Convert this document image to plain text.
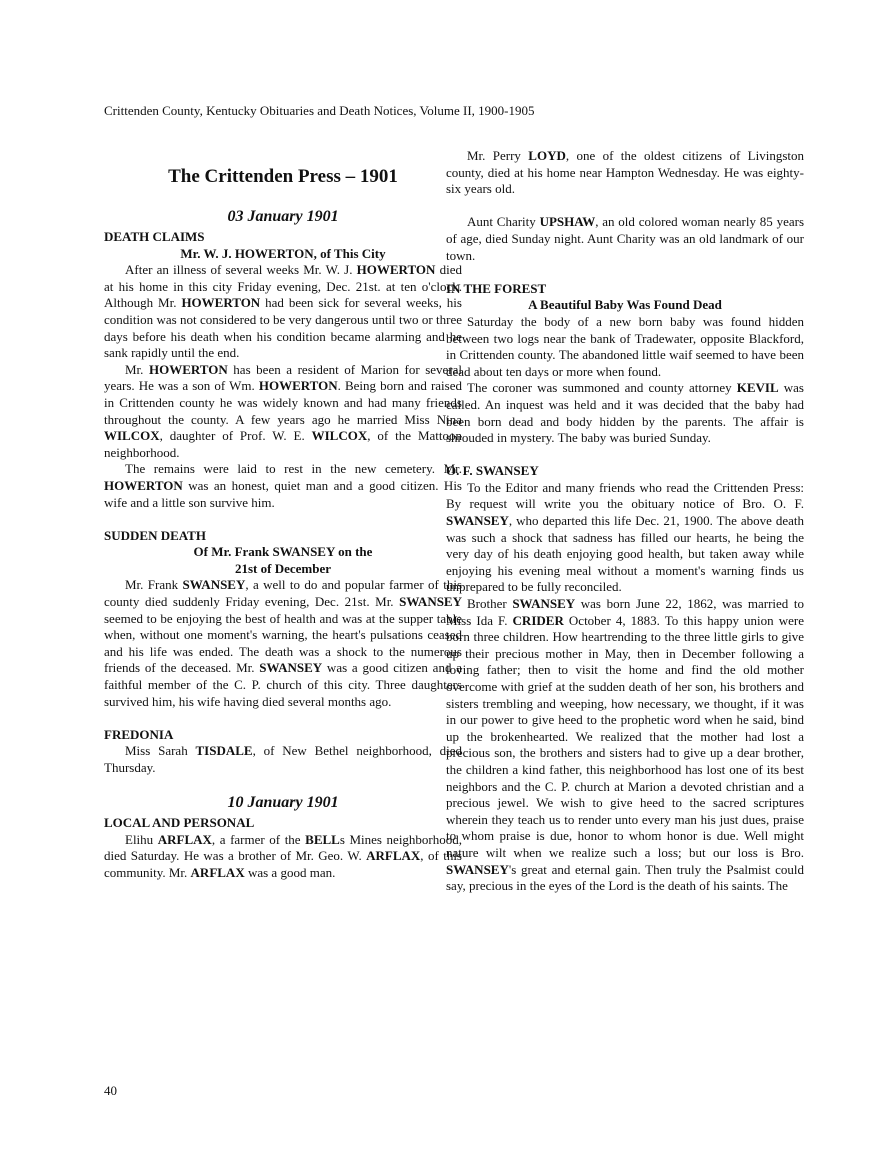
Crittenden County, Kentucky Obituaries and Death Notices, Volume II, 1900-1905
The Crittenden Press – 1901
03 January 1901
DEATH CLAIMS
Mr. W. J. HOWERTON, of This City

After an illness of several weeks Mr. W. J. HOWERTON died at his home in this city Friday evening, Dec. 21st. at ten o'clock. Although Mr. HOWERTON had been sick for several weeks, his condition was not considered to be very dangerous until two or three days before his death when his condition became alarming and he sank rapidly until the end.

Mr. HOWERTON has been a resident of Marion for several years. He was a son of Wm. HOWERTON. Being born and raised in Crittenden county he was widely known and had many friends throughout the county. A few years ago he married Miss Nina WILCOX, daughter of Prof. W. E. WILCOX, of the Mattoon neighborhood.

The remains were laid to rest in the new cemetery. Mr. HOWERTON was an honest, quiet man and a good citizen. His wife and a little son survive him.

SUDDEN DEATH
Of Mr. Frank SWANSEY on the
21st of December

Mr. Frank SWANSEY, a well to do and popular farmer of this county died suddenly Friday evening, Dec. 21st. Mr. SWANSEY seemed to be enjoying the best of health and was at the supper table when, without one moment's warning, the heart's pulsations ceased and his life was ended. The death was a shock to the numerous friends of the deceased. Mr. SWANSEY was a good citizen and a faithful member of the C. P. church of this city. Three daughters survived him, his wife having died several months ago.

FREDONIA

Miss Sarah TISDALE, of New Bethel neighborhood, died Thursday.

10 January 1901
LOCAL AND PERSONAL

Elihu ARFLAX, a farmer of the BELLs Mines neighborhood, died Saturday. He was a brother of Mr. Geo. W. ARFLAX, of this community. Mr. ARFLAX was a good man.

Mr. Perry LOYD, one of the oldest citizens of Livingston county, died at his home near Hampton Wednesday. He was eighty-six years old.

Aunt Charity UPSHAW, an old colored woman nearly 85 years of age, died Sunday night. Aunt Charity was an old landmark of our town.

IN THE FOREST
A Beautiful Baby Was Found Dead

Saturday the body of a new born baby was found hidden between two logs near the bank of Tradewater, opposite Blackford, in Crittenden county. The abandoned little waif seemed to have been dead about ten days or more when found.

The coroner was summoned and county attorney KEVIL was called. An inquest was held and it was decided that the baby had been born dead and body hidden by the parents. The affair is shrouded in mystery. The baby was buried Sunday.

O. F. SWANSEY

To the Editor and many friends who read the Crittenden Press: By request will write you the obituary notice of Bro. O. F. SWANSEY, who departed this life Dec. 21, 1900. The above death was such a shock that sadness has filled our hearts, he being the very day of his death enjoying good health, but taken away while enjoying his evening meal without a moment's warning finds us unprepared to be fully reconciled.

Brother SWANSEY was born June 22, 1862, was married to Miss Ida F. CRIDER October 4, 1883. To this happy union were born three children. How heartrending to the three little girls to give up their precious mother in May, then in December following a loving father; then to visit the home and find the old mother overcome with grief at the sudden death of her son, his brothers and sisters trembling and weeping, how necessary, we thought, if it was in our power to give heed to the prophetic word when he said, bind up the brokenhearted. We realized that the mother had lost a precious son, the brothers and sisters had to give up a dear brother, the children a kind father, this neighborhood has lost one of its best neighbors and the C. P. church at Marion a devoted christian and a precious jewel. We wish to give heed to the sacred scriptures wherein they teach us to render unto every man his just dues, praise to whom praise is due, honor to whom honor is due. Well might nature wilt when we realize such a loss; but our loss is Bro. SWANSEY's great and eternal gain. Then truly the Psalmist could say, precious in the eyes of the Lord is the death of his saints. The

40
